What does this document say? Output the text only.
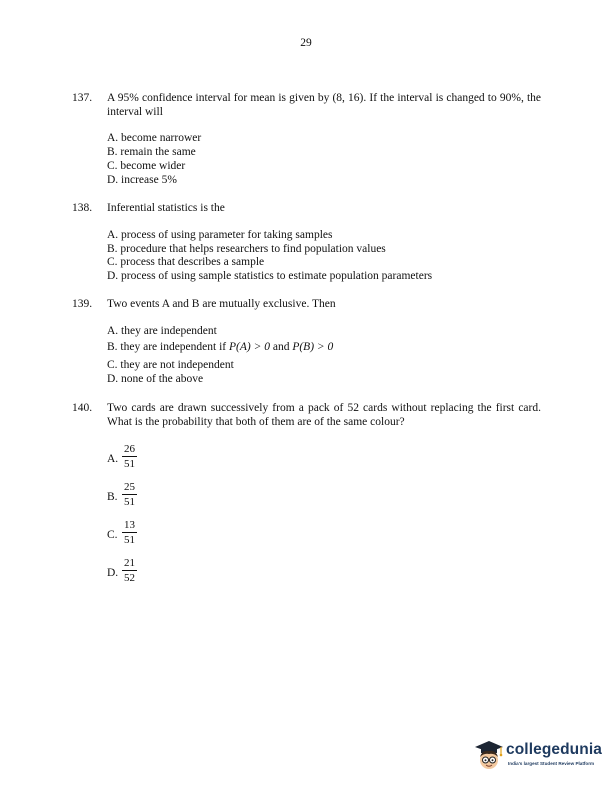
29
137. A 95% confidence interval for mean is given by (8, 16). If the interval is changed to 90%, the interval will
A. become narrower
B. remain the same
C. become wider
D. increase 5%
138. Inferential statistics is the
A. process of using parameter for taking samples
B. procedure that helps researchers to find population values
C. process that describes a sample
D. process of using sample statistics to estimate population parameters
139. Two events A and B are mutually exclusive. Then
A. they are independent
B. they are independent if P(A) > 0 and P(B) > 0
C. they are not independent
D. none of the above
140. Two cards are drawn successively from a pack of 52 cards without replacing the first card. What is the probability that both of them are of the same colour?
A.
26
51
B.
25
51
C.
13
51
D.
21
52
collegedunia
India's largest Student Review Platform
